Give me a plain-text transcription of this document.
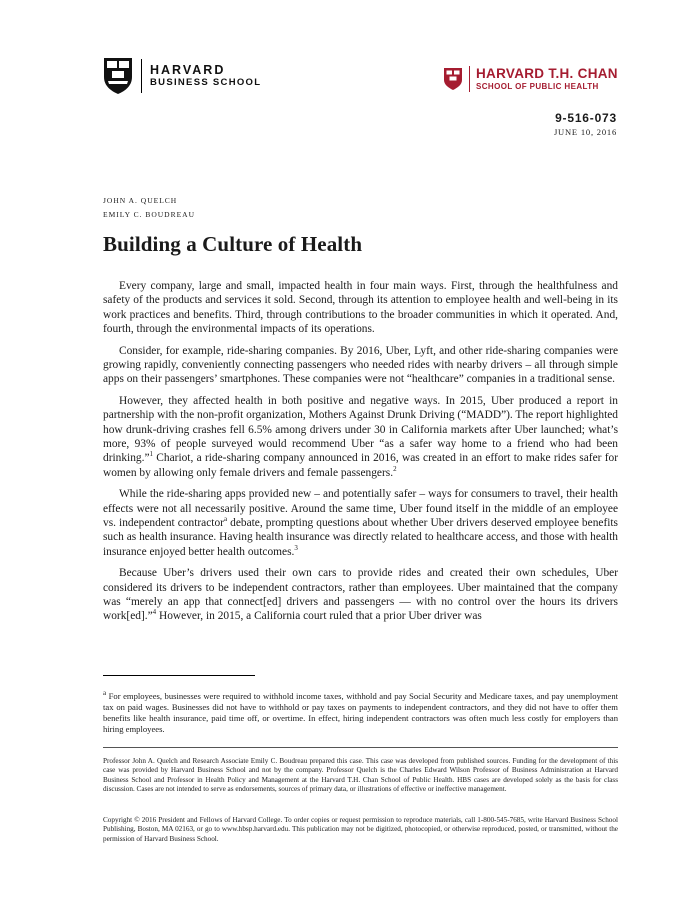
HARVARD
BUSINESS SCHOOL
HARVARD T.H. CHAN
SCHOOL OF PUBLIC HEALTH
9-516-073
JUNE 10, 2016
JOHN A. QUELCH
EMILY C. BOUDREAU
Building a Culture of Health

Every company, large and small, impacted health in four main ways. First, through the healthfulness and safety of the products and services it sold. Second, through its attention to employee health and well-being in its work practices and benefits. Third, through contributions to the broader communities in which it operated. And, fourth, through the environmental impacts of its operations.

Consider, for example, ride-sharing companies. By 2016, Uber, Lyft, and other ride-sharing companies were growing rapidly, conveniently connecting passengers who needed rides with nearby drivers – all through simple apps on their passengers’ smartphones. These companies were not “healthcare” companies in a traditional sense.

However, they affected health in both positive and negative ways. In 2015, Uber produced a report in partnership with the non-profit organization, Mothers Against Drunk Driving (“MADD”). The report highlighted how drunk-driving crashes fell 6.5% among drivers under 30 in California markets after Uber launched; what’s more, 93% of people surveyed would recommend Uber “as a safer way home to a friend who had been drinking.”$^1$ Chariot, a ride-sharing company announced in 2016, was created in an effort to make rides safer for women by allowing only female drivers and female passengers.$^2$

While the ride-sharing apps provided new – and potentially safer – ways for consumers to travel, their health effects were not all necessarily positive. Around the same time, Uber found itself in the middle of an employee vs. independent contractor$^a$ debate, prompting questions about whether Uber drivers deserved employee benefits such as health insurance. Having health insurance was directly related to healthcare access, and those with health insurance enjoyed better health outcomes.$^3$

Because Uber’s drivers used their own cars to provide rides and created their own schedules, Uber considered its drivers to be independent contractors, rather than employees. Uber maintained that the company was “merely an app that connect[ed] drivers and passengers — with no control over the hours its drivers work[ed].”$^4$ However, in 2015, a California court ruled that a prior Uber driver was

$^a$ For employees, businesses were required to withhold income taxes, withhold and pay Social Security and Medicare taxes, and pay unemployment tax on paid wages. Businesses did not have to withhold or pay taxes on payments to independent contractors, and they did not have to offer them benefits like health insurance, paid time off, or overtime. In effect, hiring independent contractors was often much less costly for employers than hiring employees.
Professor John A. Quelch and Research Associate Emily C. Boudreau prepared this case. This case was developed from published sources. Funding for the development of this case was provided by Harvard Business School and not by the company. Professor Quelch is the Charles Edward Wilson Professor of Business Administration at Harvard Business School and Professor in Health Policy and Management at the Harvard T.H. Chan School of Public Health. HBS cases are developed solely as the basis for class discussion. Cases are not intended to serve as endorsements, sources of primary data, or illustrations of effective or ineffective management.
Copyright © 2016 President and Fellows of Harvard College. To order copies or request permission to reproduce materials, call 1-800-545-7685, write Harvard Business School Publishing, Boston, MA 02163, or go to www.hbsp.harvard.edu. This publication may not be digitized, photocopied, or otherwise reproduced, posted, or transmitted, without the permission of Harvard Business School.
